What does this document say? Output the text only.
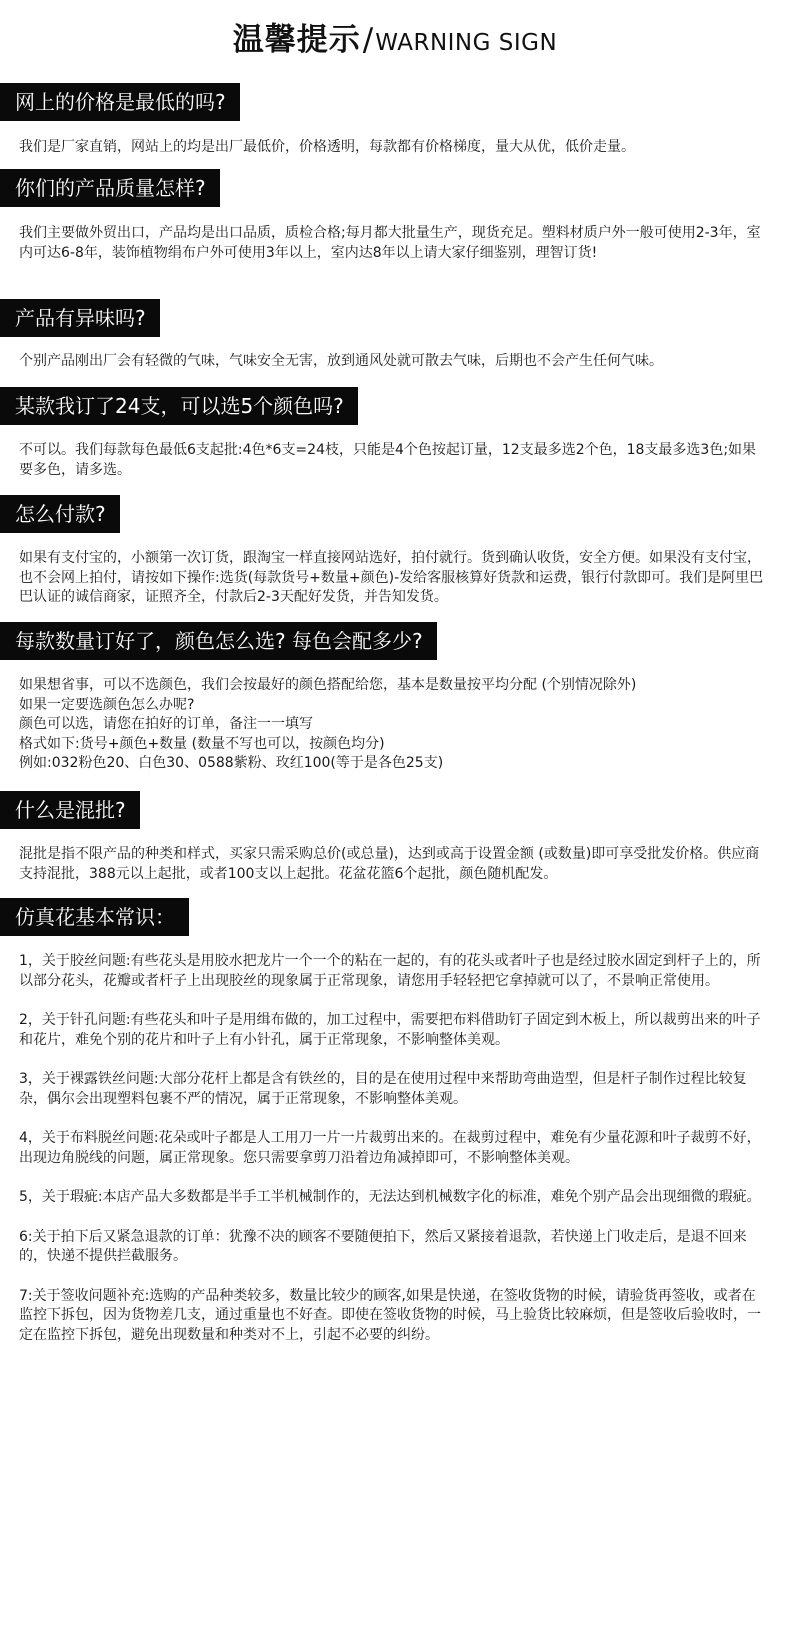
温馨提示/WARNING SIGN
网上的价格是最低的吗?

我们是厂家直销，网站上的均是出厂最低价，价格透明，每款都有价格梯度，量大从优，低价走量。

你们的产品质量怎样?

我们主要做外贸出口，产品均是出口品质，质检合格;每月都大批量生产，现货充足。塑料材质户外一般可使用2-3年，室内可达6-8年，装饰植物绢布户外可使用3年以上，室内达8年以上请大家仔细鉴别，理智订货!

产品有异味吗?

个别产品刚出厂会有轻微的气味，气味安全无害，放到通风处就可散去气味，后期也不会产生任何气味。

某款我订了24支，可以选5个颜色吗?

不可以。我们每款每色最低6支起批:4色*6支=24枝，只能是4个色按起订量，12支最多选2个色，18支最多选3色;如果要多色，请多选。

怎么付款?

如果有支付宝的，小额第一次订货，跟淘宝一样直接网站选好，拍付就行。货到确认收货，安全方便。如果没有支付宝，也不会网上拍付，请按如下操作:选货(每款货号+数量+颜色)-发给客服核算好货款和运费，银行付款即可。我们是阿里巴巴认证的诚信商家，证照齐全，付款后2-3天配好发货，并告知发货。

每款数量订好了，颜色怎么选? 每色会配多少?

如果想省事，可以不选颜色，我们会按最好的颜色搭配给您，基本是数量按平均分配 (个别情况除外)

如果一定要选颜色怎么办呢?

颜色可以选，请您在拍好的订单，备注一一填写

格式如下:货号+颜色+数量 (数量不写也可以，按颜色均分)

例如:032粉色20、白色30、0588紫粉、玫红100(等于是各色25支)

什么是混批?

混批是指不限产品的种类和样式，买家只需采购总价(或总量)，达到或高于设置金额 (或数量)即可享受批发价格。供应商支持混批，388元以上起批，或者100支以上起批。花盆花篮6个起批，颜色随机配发。

仿真花基本常识：

1，关于胶丝问题:有些花头是用胶水把龙片一个一个的粘在一起的，有的花头或者叶子也是经过胶水固定到杆子上的，所以部分花头，花瓣或者杆子上出现胶丝的现象属于正常现象，请您用手轻轻把它拿掉就可以了，不景响正常使用。

2，关于针孔问题:有些花头和叶子是用缉布做的，加工过程中，需要把布料借助钉子固定到木板上，所以裁剪出来的叶子和花片，难免个别的花片和叶子上有小针孔，属于正常现象，不影响整体美观。

3，关于裸露铁丝问题:大部分花杆上都是含有铁丝的，目的是在使用过程中来帮助弯曲造型，但是杆子制作过程比较复杂，偶尔会出现塑料包裹不严的情况，属于正常现象，不影响整体美观。

4，关于布料脱丝问题:花朵或叶子都是人工用刀一片一片裁剪出来的。在裁剪过程中，难免有少量花源和叶子裁剪不好，出现边角脱线的问题，属正常现象。您只需要拿剪刀沿着边角减掉即可，不影响整体美观。

5，关于瑕疵:本店产品大多数都是半手工半机械制作的，无法达到机械数字化的标准，难免个别产品会出现细微的瑕疵。

6:关于拍下后又紧急退款的订单：犹豫不决的顾客不要随便拍下，然后又紧接着退款，若快递上门收走后，是退不回来的，快递不提供拦截服务。

7:关于签收问题补充:选购的产品种类较多，数量比较少的顾客,如果是快递，在签收货物的时候，请验货再签收，或者在监控下拆包，因为货物差几支，通过重量也不好查。即使在签收货物的时候，马上验货比较麻烦，但是签收后验收时，一定在监控下拆包，避免出现数量和种类对不上，引起不必要的纠纷。
